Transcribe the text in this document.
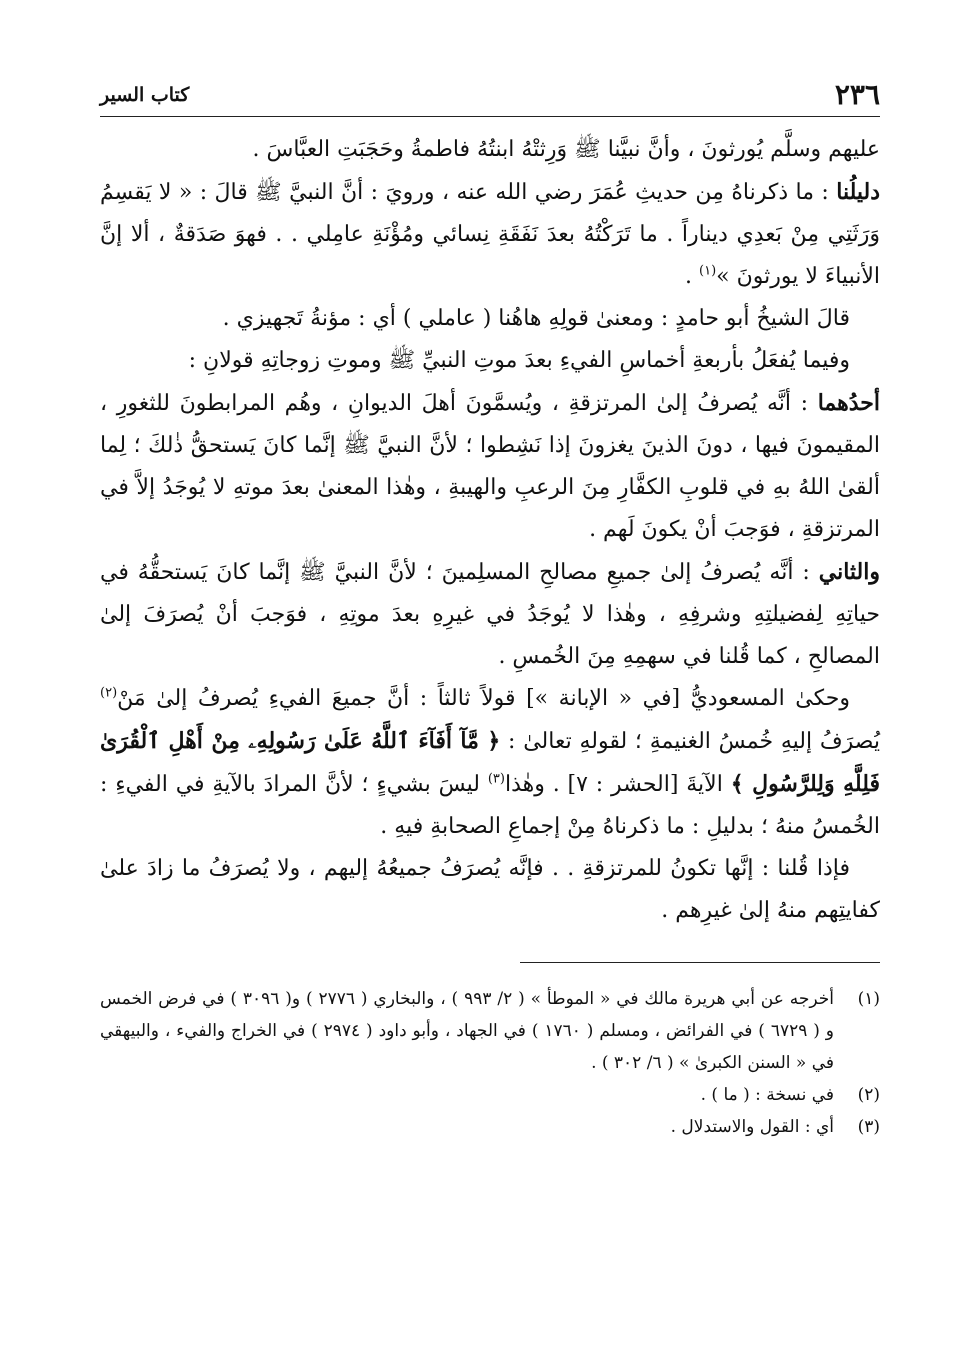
٢٣٦
كتاب السير

عليهم وسلَّم يُورثونَ ، وأنَّ نبيَّنا ﷺ وَرِثتْهُ ابنتُهُ فاطمةُ وحَجَبَتِ العبَّاسَ .

دليلُنا : ما ذكرناهُ مِن حديثِ عُمَرَ رضي الله عنه ، ورويَ : أنَّ النبيَّ ﷺ قالَ : « لا يَقسِمُ وَرَثَتِي مِنْ بَعدِي ديناراً . ما تَرَكْتُهُ بعدَ نَفَقَةِ نِسائي ومُؤْنَةِ عامِلي . . فهوَ صَدَقةٌ ، ألا إنَّ الأنبياءَ لا يورثونَ »$^{(١)}$ .

قالَ الشيخُ أبو حامدٍ : ومعنىٰ قولِهِ هاهُنا ( عاملي ) أي : مؤنةُ تَجهيزي .

وفيما يُفعَلُ بأربعةِ أخماسِ الفيءِ بعدَ موتِ النبيِّ ﷺ وموتِ زوجاتِهِ قولانِ :

أحدُهما : أنَّه يُصرفُ إلىٰ المرتزقةِ ، ويُسمَّونَ أهلَ الديوانِ ، وهُم المرابطونَ للثغورِ ، المقيمونَ فيها ، دونَ الذينَ يغزونَ إذا نَشِطوا ؛ لأنَّ النبيَّ ﷺ إنَّما كانَ يَستحقُّ ذٰلكَ ؛ لِما ألقىٰ اللهُ بهِ في قلوبِ الكفَّارِ مِنَ الرعبِ والهيبةِ ، وهٰذا المعنىٰ بعدَ موتهِ لا يُوجَدُ إلاَّ في المرتزقةِ ، فوَجبَ أنْ يكونَ لَهم .

والثاني : أنَّه يُصرفُ إلىٰ جميعِ مصالحِ المسلِمينَ ؛ لأنَّ النبيَّ ﷺ إنَّما كانَ يَستحقُّهُ في حياتِهِ لِفضيلتِهِ وشرفِهِ ، وهٰذا لا يُوجَدُ في غيرِهِ بعدَ موتِهِ ، فوَجبَ أنْ يُصرَفَ إلىٰ المصالحِ ، كما قُلنا في سهمِهِ مِنَ الخُمسِ .

وحكىٰ المسعوديُّ [في « الإبانة »] قولاً ثالثاً : أنَّ جميعَ الفيءِ يُصرفُ إلىٰ مَنْ$^{(٢)}$ يُصرَفُ إليهِ خُمسُ الغنيمةِ ؛ لقولهِ تعالىٰ : ﴿ مَّآ أَفَآءَ ٱللَّهُ عَلَىٰ رَسُولِهِۦ مِنْ أَهْلِ ٱلْقُرَىٰ فَلِلَّهِ وَلِلرَّسُولِ ﴾ الآيةَ [الحشر : ٧] . وهٰذا$^{(٣)}$ ليسَ بشيءٍ ؛ لأنَّ المرادَ بالآيةِ في الفيءِ : الخُمسُ منهُ ؛ بدليلِ : ما ذكرناهُ مِنْ إجماعِ الصحابةِ فيهِ .

فإذا قُلنا : إنَّها تكونُ للمرتزقةِ . . فإنَّه يُصرَفُ جميعُهُ إليهم ، ولا يُصرَفُ ما زادَ علىٰ كفايتِهم منهُ إلىٰ غيرِهم .

(١)
أخرجه عن أبي هريرة مالك في « الموطأ » ( ٢/ ٩٩٣ ) ، والبخاري ( ٢٧٧٦ ) و( ٣٠٩٦ ) في فرض الخمس و ( ٦٧٢٩ ) في الفرائض ، ومسلم ( ١٧٦٠ ) في الجهاد ، وأبو داود ( ٢٩٧٤ ) في الخراج والفيء ، والبيهقي في « السنن الكبرىٰ » ( ٦/ ٣٠٢ ) .
(٢)
في نسخة : ( ما ) .
(٣)
أي : القول والاستدلال .
